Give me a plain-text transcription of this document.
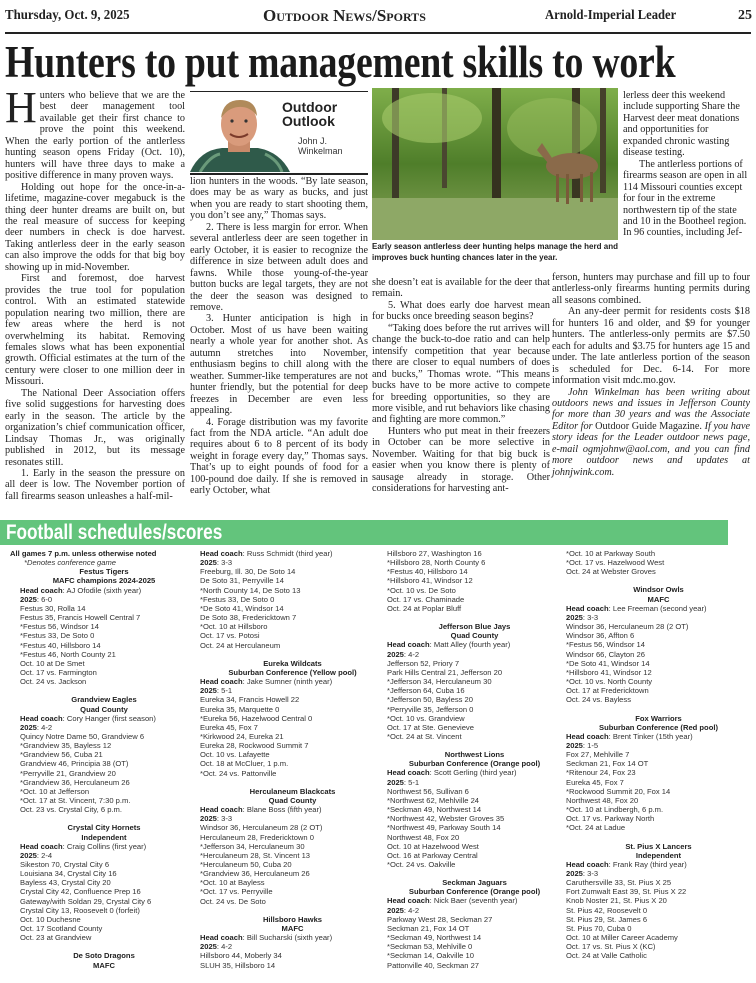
Thursday, Oct. 9, 2025	Outdoor News/Sports	Arnold-Imperial Leader	25
Hunters to put management skills to work

Hunters who believe that we are the best deer management tool available get their first chance to prove the point this weekend. When the early portion of the antlerless hunting season opens Friday (Oct. 10), hunters will have three days to make a positive difference in many proven ways.

Holding out hope for the once-in-a-lifetime, magazine-cover megabuck is the thing deer hunter dreams are built on, but the real measure of success for keeping deer numbers in check is doe harvest. Taking antlerless deer in the early season can also improve the odds for that big boy showing up in mid-November.

First and foremost, doe harvest provides the true tool for population control. With an estimated statewide population nearing two million, there are few areas where the herd is not overwhelming its habitat. Removing females slows what has been exponential growth. Official estimates at the turn of the century were closer to one million deer in Missouri.

The National Deer Association offers five solid suggestions for harvesting does early in the season. The article by the organization’s chief communication officer, Lindsay Thomas Jr., was originally published in 2012, but its message resonates still.

1. Early in the season the pressure on all deer is low. The November portion of fall firearms season unleashes a half-mil-

Outdoor
Outlook
John J.
Winkelman

lion hunters in the woods. “By late season, does may be as wary as bucks, and just when you are ready to start shooting them, you don’t see any,” Thomas says.

2. There is less margin for error. When several antlerless deer are seen together in early October, it is easier to recognize the difference in size between adult does and fawns. While those young-of-the-year button bucks are legal targets, they are not the deer the season was designed to remove.

3. Hunter anticipation is high in October. Most of us have been waiting nearly a whole year for another shot. As autumn stretches into November, enthusiasm begins to chill along with the weather. Summer-like temperatures are not hunter friendly, but the potential for deep freezes in December are even less appealing.

4. Forage distribution was my favorite fact from the NDA article. “An adult doe requires about 6 to 8 percent of its body weight in forage every day,” Thomas says. That’s up to eight pounds of food for a 100-pound doe daily. If she is removed in early October, what

Early season antlerless deer hunting helps manage the herd and improves buck hunting chances later in the year.

she doesn’t eat is available for the deer that remain.

5. What does early doe harvest mean for bucks once breeding season begins?

“Taking does before the rut arrives will change the buck-to-doe ratio and can help intensify competition that year because there are closer to equal numbers of does and bucks,” Thomas wrote. “This means bucks have to be more active to compete for breeding opportunities, so they are more visible, and rut behaviors like chasing and fighting are more common.”

Hunters who put meat in their freezers in October can be more selective in November. Waiting for that big buck is easier when you know there is plenty of sausage already in storage. Other considerations for harvesting ant-

lerless deer this weekend include supporting Share the Harvest deer meat donations and opportunities for expanded chronic wasting disease testing.

The antlerless portions of firearms season are open in all 114 Missouri counties except for four in the extreme northwestern tip of the state and 10 in the Bootheel region. In 96 counties, including Jef-

ferson, hunters may purchase and fill up to four antlerless-only firearms hunting permits during all seasons combined.

An any-deer permit for residents costs $18 for hunters 16 and older, and $9 for younger hunters. The antlerless-only permits are $7.50 each for adults and $3.75 for hunters age 15 and under. The late antlerless portion of the season is scheduled for Dec. 6-14. For more information visit mdc.mo.gov.

John Winkelman has been writing about outdoors news and issues in Jefferson County for more than 30 years and was the Associate Editor for Outdoor Guide Magazine. If you have story ideas for the Leader outdoor news page, e-mail ogmjohnw@aol.com, and you can find more outdoor news and updates at johnjwink.com.

Football schedules/scores
All games 7 p.m. unless otherwise noted
*Denotes conference game
Festus Tigers
MAFC champions 2024-2025
Head coach : AJ Ofodile (sixth year)
2025 : 6-0
Festus 30, Rolla 14
Festus 35, Francis Howell Central 7
*Festus 56, Windsor 14
*Festus 33, De Soto 0
*Festus 40, Hillsboro 14
*Festus 46, North County 21
Oct. 10 at De Smet
Oct. 17 vs. Farmington
Oct. 24 vs. Jackson
Grandview Eagles
Quad County
Head coach : Cory Hanger (first season)
2025 : 4-2
Quincy Notre Dame 50, Grandview 6
*Grandview 35, Bayless 12
*Grandview 56, Cuba 21
Grandview 46, Principia 38 (OT)
*Perryville 21, Grandview 20
*Grandview 36, Herculaneum 26
*Oct. 10 at Jefferson
*Oct. 17 at St. Vincent, 7:30 p.m.
Oct. 23 vs. Crystal City, 6 p.m.
Crystal City Hornets
Independent
Head coach : Craig Collins (first year)
2025 : 2-4
Sikeston 70, Crystal City 6
Louisiana 34, Crystal City 16
Bayless 43, Crystal City 20
Crystal City 42, Confluence Prep 16
Gateway/with Soldan 29, Crystal City 6
Crystal City 13, Roosevelt 0 (forfeit)
Oct. 10 Duchesne
Oct. 17 Scotland County
Oct. 23 at Grandview
De Soto Dragons
MAFC
Head coach : Russ Schmidt (third year)
2025 : 3-3
Freeburg, Ill. 30, De Soto 14
De Soto 31, Perryville 14
*North County 14, De Soto 13
*Festus 33, De Soto 0
*De Soto 41, Windsor 14
De Soto 38, Fredericktown 7
*Oct. 10 at Hillsboro
Oct. 17 vs. Potosi
Oct. 24 at Herculaneum
Eureka Wildcats
Suburban Conference (Yellow pool)
Head coach : Jake Sumner (ninth year)
2025 : 5-1
Eureka 34, Francis Howell 22
Eureka 35, Marquette 0
*Eureka 56, Hazelwood Central 0
Eureka 45, Fox 7
*Kirkwood 24, Eureka 21
Eureka 28, Rockwood Summit 7
Oct. 10 vs. Lafayette
Oct. 18 at McCluer, 1 p.m.
*Oct. 24 vs. Pattonville
Herculaneum Blackcats
Quad County
Head coach : Blane Boss (fifth year)
2025 : 3-3
Windsor 36, Herculaneum 28 (2 OT)
Herculaneum 28, Fredericktown 0
*Jefferson 34, Herculaneum 30
*Herculaneum 28, St. Vincent 13
*Herculaneum 50, Cuba 20
*Grandview 36, Herculaneum 26
*Oct. 10 at Bayless
*Oct. 17 vs. Perryville
Oct. 24 vs. De Soto
Hillsboro Hawks
MAFC
Head coach : Bill Sucharski (sixth year)
2025 : 4-2
Hillsboro 44, Moberly 34
SLUH 35, Hillsboro 14
Hillsboro 27, Washington 16
*Hillsboro 28, North County 6
*Festus 40, Hillsboro 14
*Hillsboro 41, Windsor 12
*Oct. 10 vs. De Soto
Oct. 17 vs. Chaminade
Oct. 24 at Poplar Bluff
Jefferson Blue Jays
Quad County
Head coach : Matt Alley (fourth year)
2025 : 4-2
Jefferson 52, Priory 7
Park Hills Central 21, Jefferson 20
*Jefferson 34, Herculaneum 30
*Jefferson 64, Cuba 16
*Jefferson 50, Bayless 20
*Perryville 35, Jefferson 0
*Oct. 10 vs. Grandview
Oct. 17 at Ste. Genevieve
*Oct. 24 at St. Vincent
Northwest Lions
Suburban Conference (Orange pool)
Head coach : Scott Gerling (third year)
2025 : 5-1
Northwest 56, Sullivan 6
*Northwest 62, Mehlville 24
*Seckman 49, Northwest 14
*Northwest 42, Webster Groves 35
*Northwest 49, Parkway South 14
Northwest 48, Fox 20
Oct. 10 at Hazelwood West
Oct. 16 at Parkway Central
*Oct. 24 vs. Oakville
Seckman Jaguars
Suburban Conference (Orange pool)
Head coach : Nick Baer (seventh year)
2025 : 4-2
Parkway West 28, Seckman 27
Seckman 21, Fox 14 OT
*Seckman 49, Northwest 14
*Seckman 53, Mehlville 0
*Seckman 14, Oakville 10
Pattonville 40, Seckman 27
*Oct. 10 at Parkway South
*Oct. 17 vs. Hazelwood West
Oct. 24 at Webster Groves
Windsor Owls
MAFC
Head coach : Lee Freeman (second year)
2025 : 3-3
Windsor 36, Herculaneum 28 (2 OT)
Windsor 36, Affton 6
*Festus 56, Windsor 14
Windsor 66, Clayton 26
*De Soto 41, Windsor 14
*Hillsboro 41, Windsor 12
*Oct. 10 vs. North County
Oct. 17 at Fredericktown
Oct. 24 vs. Bayless
Fox Warriors
Suburban Conference (Red pool)
Head coach : Brent Tinker (15th year)
2025 : 1-5
Fox 27, Mehlville 7
Seckman 21, Fox 14 OT
*Ritenour 24, Fox 23
Eureka 45, Fox 7
*Rockwood Summit 20, Fox 14
Northwest 48, Fox 20
*Oct. 10 at Lindbergh, 6 p.m.
Oct. 17 vs. Parkway North
*Oct. 24 at Ladue
St. Pius X Lancers
Independent
Head coach : Frank Ray (third year)
2025 : 3-3
Caruthersville 33, St. Pius X 25
Fort Zumwalt East 39, St. Pius X 22
Knob Noster 21, St. Pius X 20
St. Pius 42, Roosevelt 0
St. Pius 29, St. James 6
St. Pius 70, Cuba 0
Oct. 10 at Miller Career Academy
Oct. 17 vs. St. Pius X (KC)
Oct. 24 at Valle Catholic
